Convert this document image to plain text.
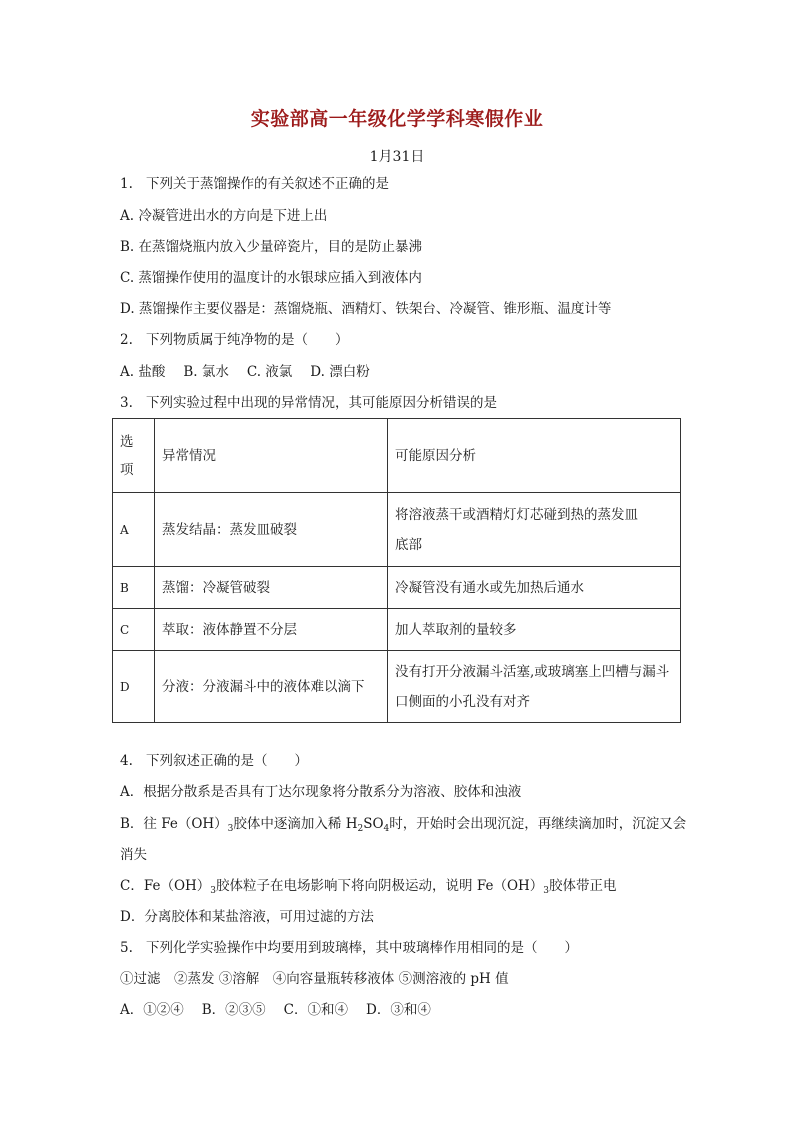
实验部高一年级化学学科寒假作业
1月31日
1. 下列关于蒸馏操作的有关叙述不正确的是
A. 冷凝管进出水的方向是下进上出
B. 在蒸馏烧瓶内放入少量碎瓷片，目的是防止暴沸
C. 蒸馏操作使用的温度计的水银球应插入到液体内
D. 蒸馏操作主要仪器是：蒸馏烧瓶、酒精灯、铁架台、冷凝管、锥形瓶、温度计等
2. 下列物质属于纯净物的是（　　）
A. 盐酸 B. 氯水 C. 液氯 D. 漂白粉
3. 下列实验过程中出现的异常情况，其可能原因分析错误的是
选项	异常情况	可能原因分析
A	蒸发结晶：蒸发皿破裂	将溶液蒸干或酒精灯灯芯碰到热的蒸发皿底部

B	蒸馏：冷凝管破裂	冷凝管没有通水或先加热后通水
C	萃取：液体静置不分层	加人萃取剂的量较多
D	分液：分液漏斗中的液体难以滴下	没有打开分液漏斗活塞,或玻璃塞上凹槽与漏斗口侧面的小孔没有对齐
4. 下列叙述正确的是（　　）
A．根据分散系是否具有丁达尔现象将分散系分为溶液、胶体和浊液
B．往 $Fe(OH)_3$胶体中逐滴加入稀 $H_2SO_4$时，开始时会出现沉淀，再继续滴加时，沉淀又会
消失
C．$Fe(OH)_3$胶体粒子在电场影响下将向阴极运动，说明 $Fe(OH)_3$胶体带正电
D．分离胶体和某盐溶液，可用过滤的方法
5. 下列化学实验操作中均要用到玻璃棒，其中玻璃棒作用相同的是（　　）
①过滤　②蒸发 ③溶解　④向容量瓶转移液体 ⑤测溶液的 pH 值
A．①②④ B．②③⑤ C．①和④ D．③和④
